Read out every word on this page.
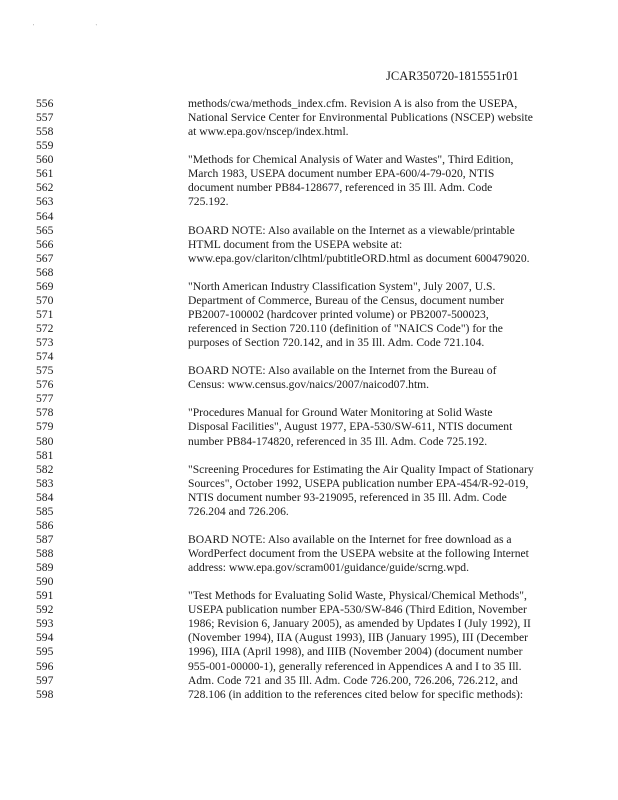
' '
JCAR350720-1815551r01
556	methods/cwa/methods_index.cfm. Revision A is also from the USEPA,
557	National Service Center for Environmental Publications (NSCEP) website
558	at www.epa.gov/nscep/index.html.
559
560	"Methods for Chemical Analysis of Water and Wastes", Third Edition,
561	March 1983, USEPA document number EPA-600/4-79-020, NTIS
562	document number PB84-128677, referenced in 35 Ill. Adm. Code
563	725.192.
564
565	BOARD NOTE: Also available on the Internet as a viewable/printable
566	HTML document from the USEPA website at:
567	www.epa.gov/clariton/clhtml/pubtitleORD.html as document 600479020.
568
569	"North American Industry Classification System", July 2007, U.S.
570	Department of Commerce, Bureau of the Census, document number
571	PB2007-100002 (hardcover printed volume) or PB2007-500023,
572	referenced in Section 720.110 (definition of "NAICS Code") for the
573	purposes of Section 720.142, and in 35 Ill. Adm. Code 721.104.
574
575	BOARD NOTE: Also available on the Internet from the Bureau of
576	Census: www.census.gov/naics/2007/naicod07.htm.
577
578	"Procedures Manual for Ground Water Monitoring at Solid Waste
579	Disposal Facilities", August 1977, EPA-530/SW-611, NTIS document
580	number PB84-174820, referenced in 35 Ill. Adm. Code 725.192.
581
582	"Screening Procedures for Estimating the Air Quality Impact of Stationary
583	Sources", October 1992, USEPA publication number EPA-454/R-92-019,
584	NTIS document number 93-219095, referenced in 35 Ill. Adm. Code
585	726.204 and 726.206.
586
587	BOARD NOTE: Also available on the Internet for free download as a
588	WordPerfect document from the USEPA website at the following Internet
589	address: www.epa.gov/scram001/guidance/guide/scrng.wpd.
590
591	"Test Methods for Evaluating Solid Waste, Physical/Chemical Methods",
592	USEPA publication number EPA-530/SW-846 (Third Edition, November
593	1986; Revision 6, January 2005), as amended by Updates I (July 1992), II
594	(November 1994), IIA (August 1993), IIB (January 1995), III (December
595	1996), IIIA (April 1998), and IIIB (November 2004) (document number
596	955-001-00000-1), generally referenced in Appendices A and I to 35 Ill.
597	Adm. Code 721 and 35 Ill. Adm. Code 726.200, 726.206, 726.212, and
598	728.106 (in addition to the references cited below for specific methods):
